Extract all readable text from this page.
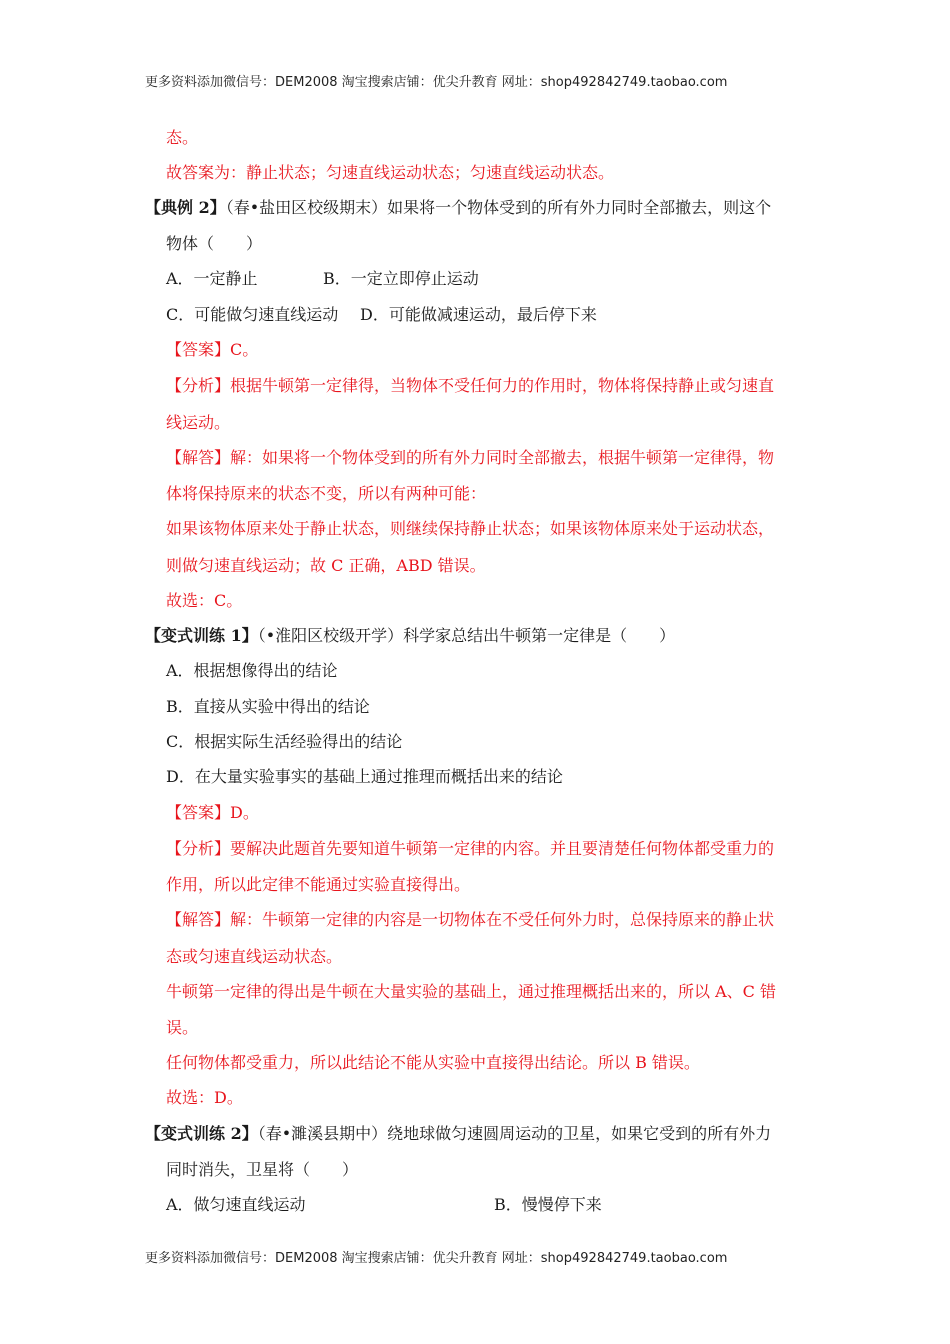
更多资料添加微信号：DEM2008 淘宝搜索店铺：优尖升教育 网址：shop492842749.taobao.com
态。
故答案为：静止状态；匀速直线运动状态；匀速直线运动状态。
【典例 2】（春•盐田区校级期末）如果将一个物体受到的所有外力同时全部撤去，则这个
物体（　　）
A．一定静止	B．一定立即停止运动
C．可能做匀速直线运动 D．可能做减速运动，最后停下来
【答案】C。
【分析】根据牛顿第一定律得，当物体不受任何力的作用时，物体将保持静止或匀速直
线运动。
【解答】解：如果将一个物体受到的所有外力同时全部撤去，根据牛顿第一定律得，物
体将保持原来的状态不变，所以有两种可能：
如果该物体原来处于静止状态，则继续保持静止状态；如果该物体原来处于运动状态，
则做匀速直线运动；故 C 正确，ABD 错误。
故选：C。
【变式训练 1】（•淮阳区校级开学）科学家总结出牛顿第一定律是（　　）
A．根据想像得出的结论
B．直接从实验中得出的结论
C．根据实际生活经验得出的结论
D．在大量实验事实的基础上通过推理而概括出来的结论
【答案】D。
【分析】要解决此题首先要知道牛顿第一定律的内容。并且要清楚任何物体都受重力的
作用，所以此定律不能通过实验直接得出。
【解答】解：牛顿第一定律的内容是一切物体在不受任何外力时，总保持原来的静止状
态或匀速直线运动状态。
牛顿第一定律的得出是牛顿在大量实验的基础上，通过推理概括出来的，所以 A、C 错
误。
任何物体都受重力，所以此结论不能从实验中直接得出结论。所以 B 错误。
故选：D。
【变式训练 2】（春•濉溪县期中）绕地球做匀速圆周运动的卫星，如果它受到的所有外力
同时消失，卫星将（　　）
A．做匀速直线运动	B．慢慢停下来
更多资料添加微信号：DEM2008 淘宝搜索店铺：优尖升教育 网址：shop492842749.taobao.com
